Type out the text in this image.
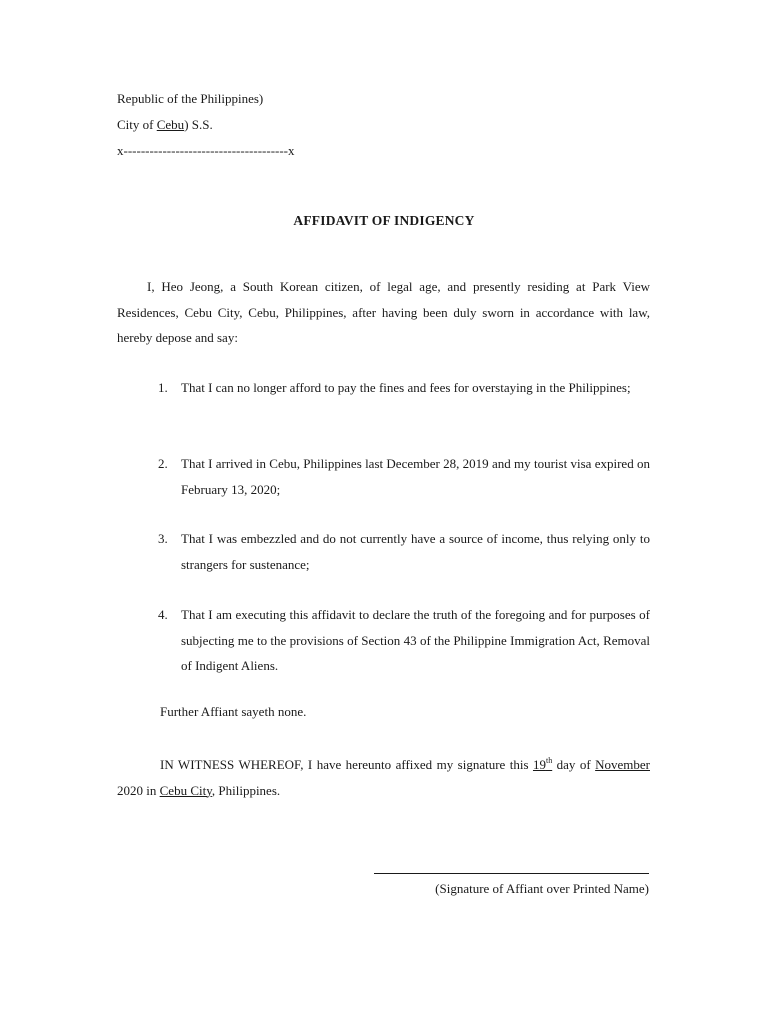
Republic of the Philippines)
City of Cebu) S.S.
x--------------------------------------x
AFFIDAVIT OF INDIGENCY

I, Heo Jeong, a South Korean citizen, of legal age, and presently residing at Park View Residences, Cebu City, Cebu, Philippines, after having been duly sworn in accordance with law, hereby depose and say:

1.	That I can no longer afford to pay the fines and fees for overstaying in the Philippines;
2.	That I arrived in Cebu, Philippines last December 28, 2019 and my tourist visa expired on February 13, 2020;
3.	That I was embezzled and do not currently have a source of income, thus relying only to strangers for sustenance;
4.	That I am executing this affidavit to declare the truth of the foregoing and for purposes of subjecting me to the provisions of Section 43 of the Philippine Immigration Act, Removal of Indigent Aliens.
Further Affiant sayeth none.

IN WITNESS WHEREOF, I have hereunto affixed my signature this 19th day of November 2020 in Cebu City, Philippines.

(Signature of Affiant over Printed Name)
